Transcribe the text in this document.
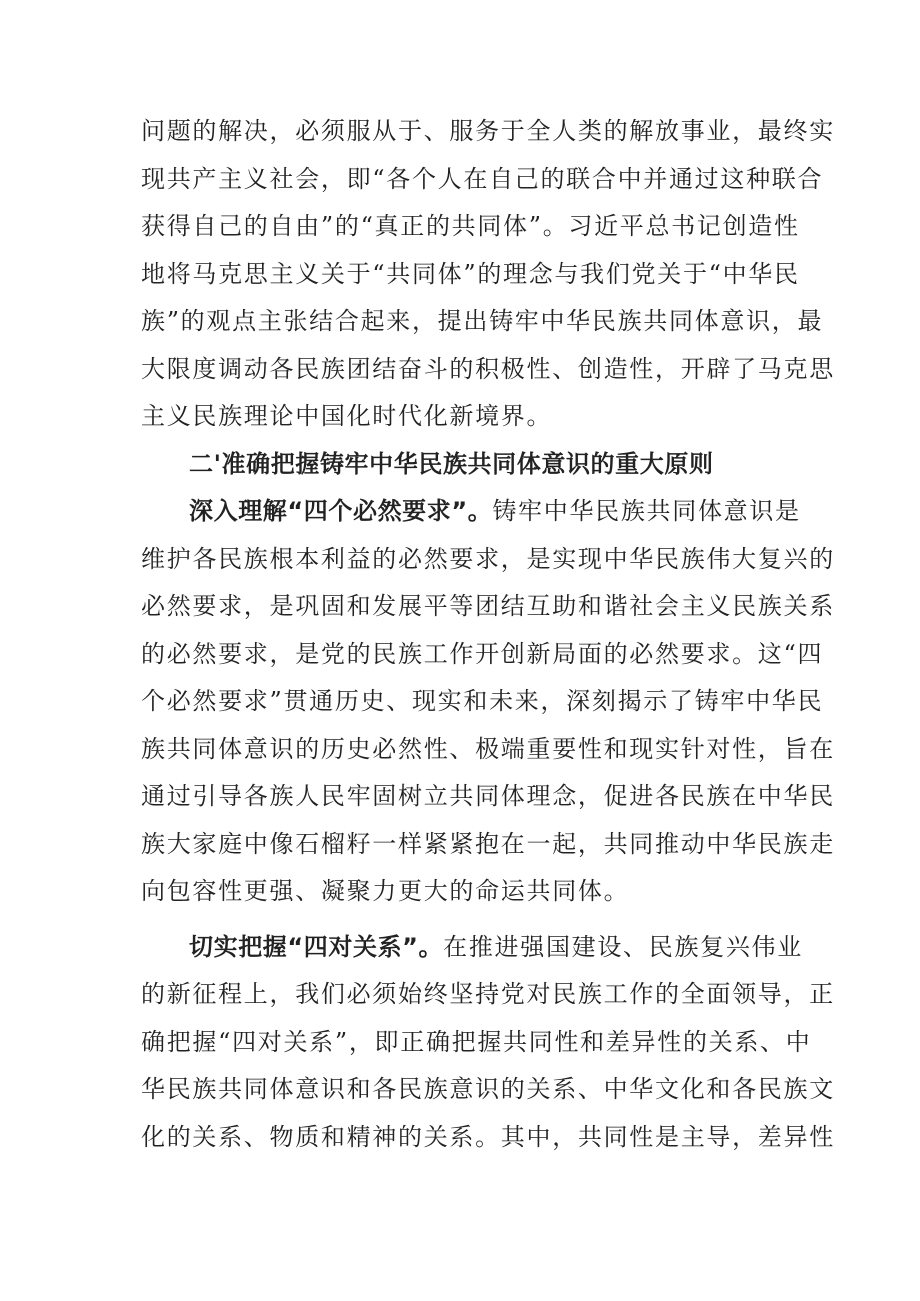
问题的解决，必须服从于、服务于全人类的解放事业，最终实
现共产主义社会，即“各个人在自己的联合中并通过这种联合
获得自己的自由”的“真正的共同体”。习近平总书记创造性
地将马克思主义关于“共同体”的理念与我们党关于“中华民
族”的观点主张结合起来，提出铸牢中华民族共同体意识，最
大限度调动各民族团结奋斗的积极性、创造性，开辟了马克思
主义民族理论中国化时代化新境界。
二'准确把握铸牢中华民族共同体意识的重大原则
深入理解“四个必然要求”。铸牢中华民族共同体意识是
维护各民族根本利益的必然要求，是实现中华民族伟大复兴的
必然要求，是巩固和发展平等团结互助和谐社会主义民族关系
的必然要求，是党的民族工作开创新局面的必然要求。这“四
个必然要求”贯通历史、现实和未来，深刻揭示了铸牢中华民
族共同体意识的历史必然性、极端重要性和现实针对性，旨在
通过引导各族人民牢固树立共同体理念，促进各民族在中华民
族大家庭中像石榴籽一样紧紧抱在一起，共同推动中华民族走
向包容性更强、凝聚力更大的命运共同体。
切实把握“四对关系”。在推进强国建设、民族复兴伟业
的新征程上，我们必须始终坚持党对民族工作的全面领导，正
确把握“四对关系”，即正确把握共同性和差异性的关系、中
华民族共同体意识和各民族意识的关系、中华文化和各民族文
化的关系、物质和精神的关系。其中，共同性是主导，差异性
